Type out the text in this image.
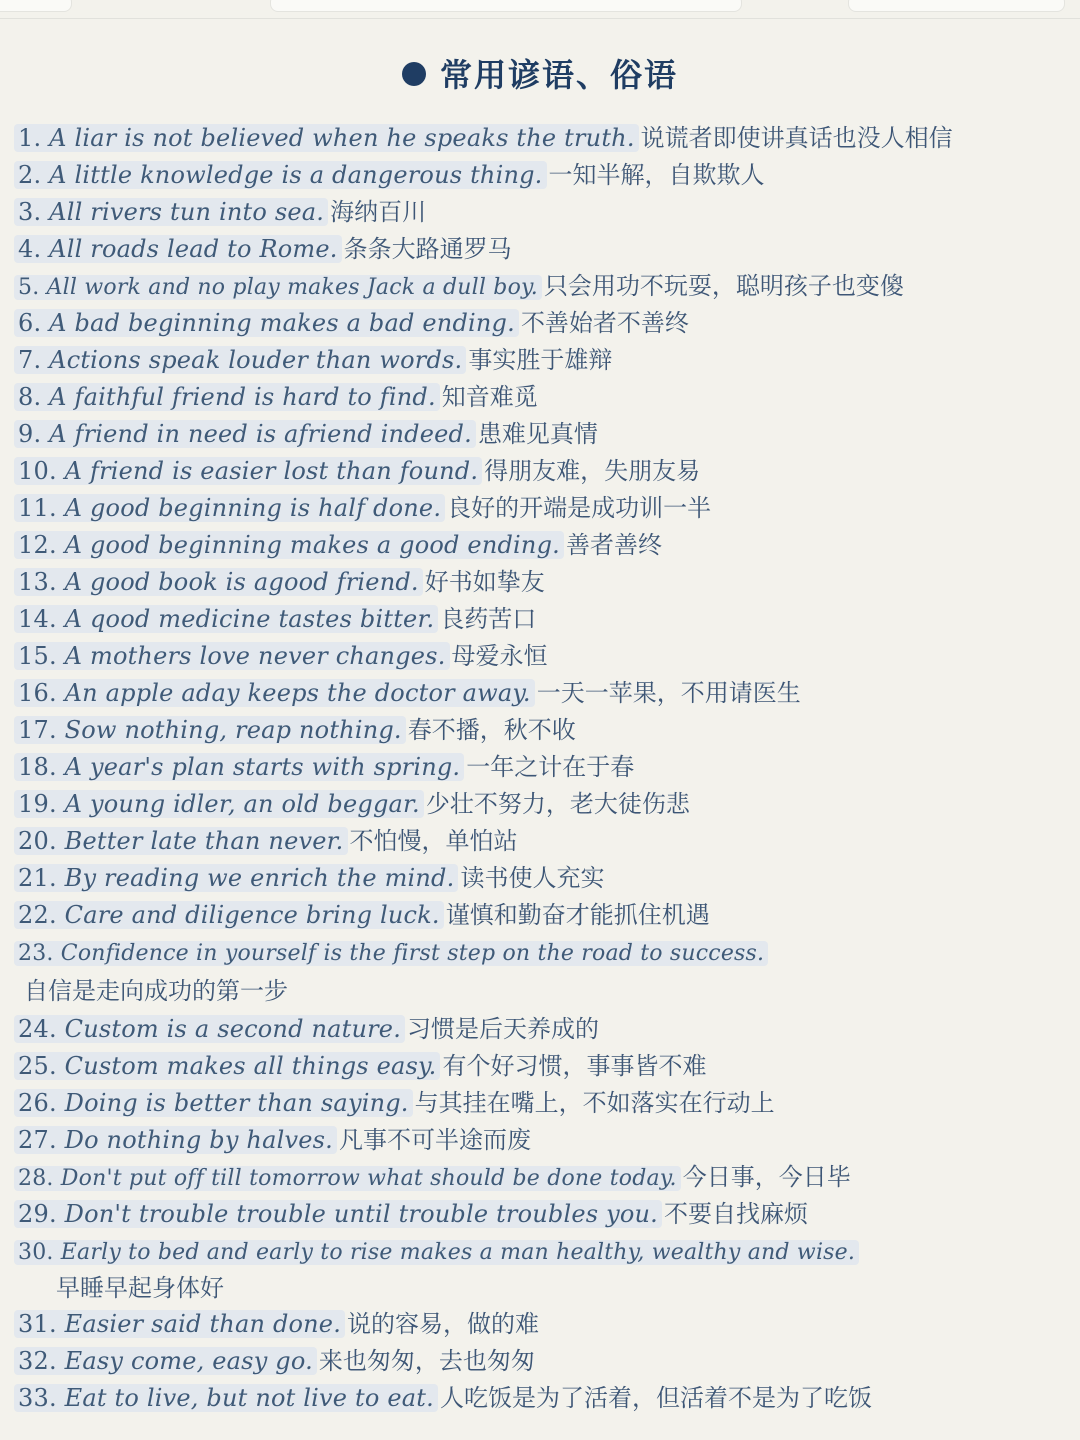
常用谚语、俗语
1. A liar is not believed when he speaks the truth. 说谎者即使讲真话也没人相信
2. A little knowledge is a dangerous thing. 一知半解，自欺欺人
3. All rivers tun into sea. 海纳百川
4. All roads lead to Rome. 条条大路通罗马
5. All work and no play makes Jack a dull boy. 只会用功不玩耍，聪明孩子也变傻
6. A bad beginning makes a bad ending. 不善始者不善终
7. Actions speak louder than words. 事实胜于雄辩
8. A faithful friend is hard to find. 知音难觅
9. A friend in need is afriend indeed. 患难见真情
10. A friend is easier lost than found. 得朋友难，失朋友易
11. A good beginning is half done. 良好的开端是成功训一半
12. A good beginning makes a good ending. 善者善终
13. A good book is agood friend. 好书如挚友
14. A qood medicine tastes bitter. 良药苦口
15. A mothers love never changes. 母爱永恒
16. An apple aday keeps the doctor away. 一天一苹果，不用请医生
17. Sow nothing, reap nothing. 春不播，秋不收
18. A year's plan starts with spring. 一年之计在于春
19. A young idler, an old beggar. 少壮不努力，老大徒伤悲
20. Better late than never. 不怕慢，单怕站
21. By reading we enrich the mind. 读书使人充实
22. Care and diligence bring luck. 谨慎和勤奋才能抓住机遇
23. Confidence in yourself is the first step on the road to success.
自信是走向成功的第一步
24. Custom is a second nature. 习惯是后天养成的
25. Custom makes all things easy. 有个好习惯，事事皆不难
26. Doing is better than saying. 与其挂在嘴上，不如落实在行动上
27. Do nothing by halves. 凡事不可半途而废
28. Don't put off till tomorrow what should be done today. 今日事，今日毕
29. Don't trouble trouble until trouble troubles you. 不要自找麻烦
30. Early to bed and early to rise makes a man healthy, wealthy and wise.
早睡早起身体好
31. Easier said than done. 说的容易，做的难
32. Easy come, easy go. 来也匆匆，去也匆匆
33. Eat to live, but not live to eat. 人吃饭是为了活着，但活着不是为了吃饭
